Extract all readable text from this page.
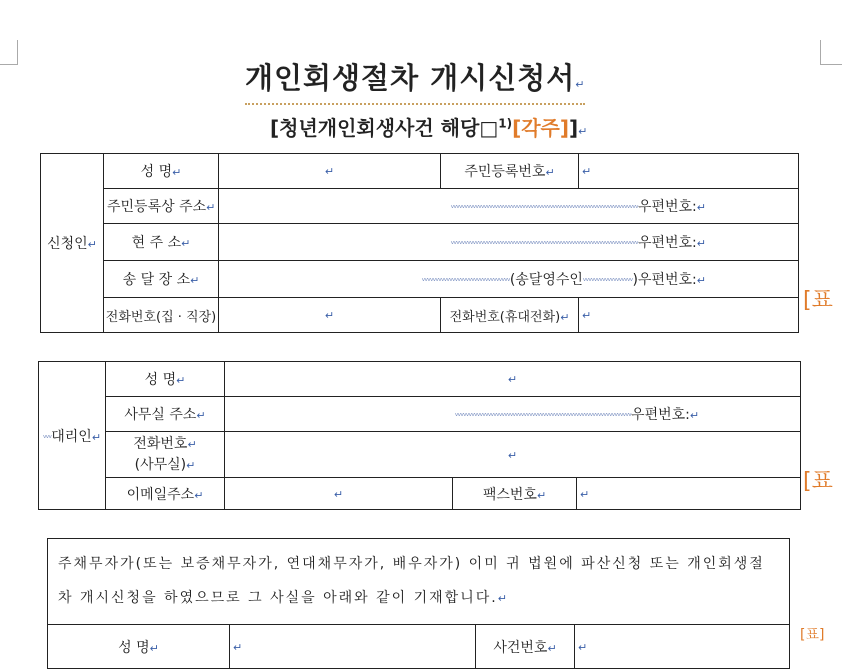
개인회생절차 개시신청서↵
[청년개인회생사건 해당□$^{1)}$[각주]]↵
신청인↵	성 명↵	↵	주민등록번호↵	↵
	주민등록상 주소↵	ᵛᵛᵛᵛᵛᵛᵛᵛᵛᵛᵛᵛᵛᵛᵛᵛᵛᵛᵛᵛᵛᵛᵛᵛᵛᵛᵛᵛᵛᵛᵛᵛᵛᵛᵛᵛᵛᵛᵛᵛᵛᵛᵛᵛᵛᵛᵛᵛᵛᵛᵛᵛᵛᵛᵛᵛᵛᵛᵛᵛᵛᵛᵛᵛᵛᵛᵛᵛ우편번호:↵		
	현 주 소↵	ᵛᵛᵛᵛᵛᵛᵛᵛᵛᵛᵛᵛᵛᵛᵛᵛᵛᵛᵛᵛᵛᵛᵛᵛᵛᵛᵛᵛᵛᵛᵛᵛᵛᵛᵛᵛᵛᵛᵛᵛᵛᵛᵛᵛᵛᵛᵛᵛᵛᵛᵛᵛᵛᵛᵛᵛᵛᵛᵛᵛᵛᵛᵛᵛᵛᵛᵛᵛ우편번호:↵		
	송 달 장 소↵	ᵛᵛᵛᵛᵛᵛᵛᵛᵛᵛᵛᵛᵛᵛᵛᵛᵛᵛᵛᵛᵛᵛᵛᵛᵛᵛᵛᵛᵛᵛᵛᵛ(송달영수인ᵛᵛᵛᵛᵛᵛᵛᵛᵛᵛᵛᵛᵛᵛᵛᵛᵛᵛ)우편번호:↵		
	전화번호(집 · 직장)	↵	전화번호(휴대전화)↵	↵
[표
ᵛᵛᵛ대리인↵	성 명↵	↵		
	사무실 주소↵	ᵛᵛᵛᵛᵛᵛᵛᵛᵛᵛᵛᵛᵛᵛᵛᵛᵛᵛᵛᵛᵛᵛᵛᵛᵛᵛᵛᵛᵛᵛᵛᵛᵛᵛᵛᵛᵛᵛᵛᵛᵛᵛᵛᵛᵛᵛᵛᵛᵛᵛᵛᵛᵛᵛᵛᵛᵛᵛᵛᵛᵛᵛᵛᵛ우편번호:↵		
	전화번호↵
(사무실)↵	↵		
	이메일주소↵	↵	팩스번호↵	↵	[표
주채무자가(또는 보증채무자가, 연대채무자가, 배우자가) 이미 귀 법원에 파산신청 또는 개인회생절차 개시신청을 하였으므로 그 사실을 아래와 같이 기재합니다.↵
성 명↵	↵	사건번호↵	↵
[표]
